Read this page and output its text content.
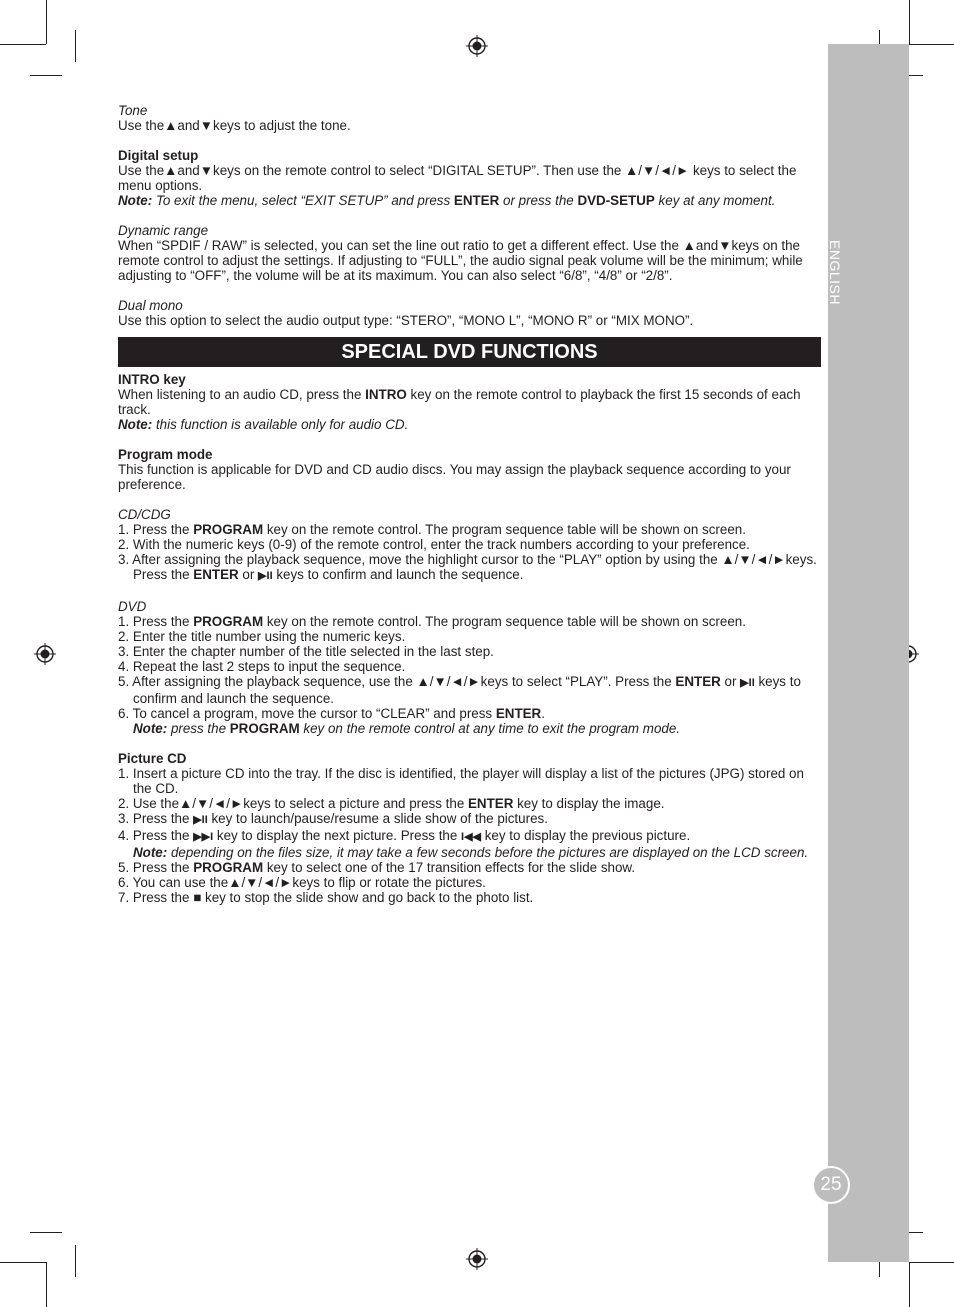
ENGLISH
25

Tone

Use the▲and▼keys to adjust the tone.

Digital setup

Use the▲and▼keys on the remote control to select “DIGITAL SETUP”. Then use the ▲/▼/◄/► keys to select the menu options.

Note: To exit the menu, select “EXIT SETUP” and press ENTER or press the DVD-SETUP key at any moment.

Dynamic range

When “SPDIF / RAW” is selected, you can set the line out ratio to get a different effect. Use the ▲and▼keys on the remote control to adjust the settings. If adjusting to “FULL”, the audio signal peak volume will be the minimum; while adjusting to “OFF”, the volume will be at its maximum. You can also select “6/8”, “4/8” or “2/8”.

Dual mono

Use this option to select the audio output type: “STERO”, “MONO L”, “MONO R” or “MIX MONO”.

SPECIAL DVD FUNCTIONS

INTRO key

When listening to an audio CD, press the INTRO key on the remote control to playback the first 15 seconds of each track.

Note: this function is available only for audio CD.

Program mode

This function is applicable for DVD and CD audio discs. You may assign the playback sequence according to your preference.

CD/CDG

1. Press the PROGRAM key on the remote control. The program sequence table will be shown on screen.
2. With the numeric keys (0-9) of the remote control, enter the track numbers according to your preference.
3. After assigning the playback sequence, move the highlight cursor to the “PLAY” option by using the ▲/▼/◄/►keys. Press the ENTER or ▶II keys to confirm and launch the sequence.

DVD

1. Press the PROGRAM key on the remote control. The program sequence table will be shown on screen.
2. Enter the title number using the numeric keys.
3. Enter the chapter number of the title selected in the last step.
4. Repeat the last 2 steps to input the sequence.
5. After assigning the playback sequence, use the ▲/▼/◄/►keys to select “PLAY”. Press the ENTER or ▶II keys to confirm and launch the sequence.
6. To cancel a program, move the cursor to “CLEAR” and press ENTER.
Note: press the PROGRAM key on the remote control at any time to exit the program mode.

Picture CD

1. Insert a picture CD into the tray. If the disc is identified, the player will display a list of the pictures (JPG) stored on the CD.
2. Use the▲/▼/◄/►keys to select a picture and press the ENTER key to display the image.
3. Press the ▶II key to launch/pause/resume a slide show of the pictures.
4. Press the ▶▶I key to display the next picture. Press the I◀◀ key to display the previous picture.
Note: depending on the files size, it may take a few seconds before the pictures are displayed on the LCD screen.
5. Press the PROGRAM key to select one of the 17 transition effects for the slide show.
6. You can use the▲/▼/◄/►keys to flip or rotate the pictures.
7. Press the ■ key to stop the slide show and go back to the photo list.
